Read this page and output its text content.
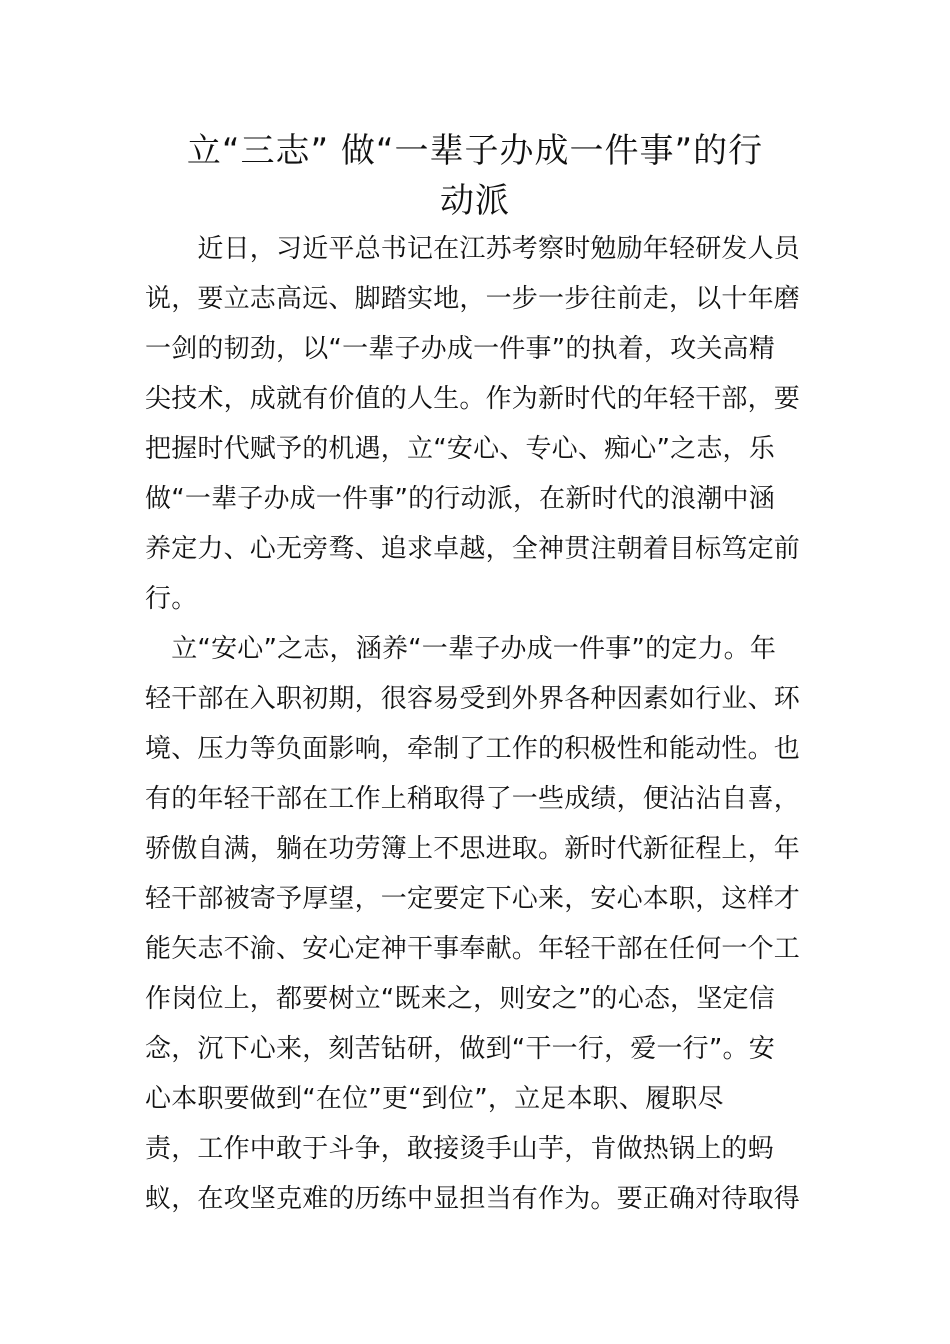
立“三志” 做“一辈子办成一件事”的行
动派
　　近日，习近平总书记在江苏考察时勉励年轻研发人员
说，要立志高远、脚踏实地，一步一步往前走，以十年磨
一剑的韧劲，以“一辈子办成一件事”的执着，攻关高精
尖技术，成就有价值的人生。作为新时代的年轻干部，要
把握时代赋予的机遇，立“安心、专心、痴心”之志，乐
做“一辈子办成一件事”的行动派，在新时代的浪潮中涵
养定力、心无旁骛、追求卓越，全神贯注朝着目标笃定前
行。
　立“安心”之志，涵养“一辈子办成一件事”的定力。年
轻干部在入职初期，很容易受到外界各种因素如行业、环
境、压力等负面影响，牵制了工作的积极性和能动性。也
有的年轻干部在工作上稍取得了一些成绩，便沾沾自喜，
骄傲自满，躺在功劳簿上不思进取。新时代新征程上，年
轻干部被寄予厚望，一定要定下心来，安心本职，这样才
能矢志不渝、安心定神干事奉献。年轻干部在任何一个工
作岗位上，都要树立“既来之，则安之”的心态，坚定信
念，沉下心来，刻苦钻研，做到“干一行，爱一行”。安
心本职要做到“在位”更“到位”，立足本职、履职尽
责，工作中敢于斗争，敢接烫手山芋，肯做热锅上的蚂
蚁，在攻坚克难的历练中显担当有作为。要正确对待取得
